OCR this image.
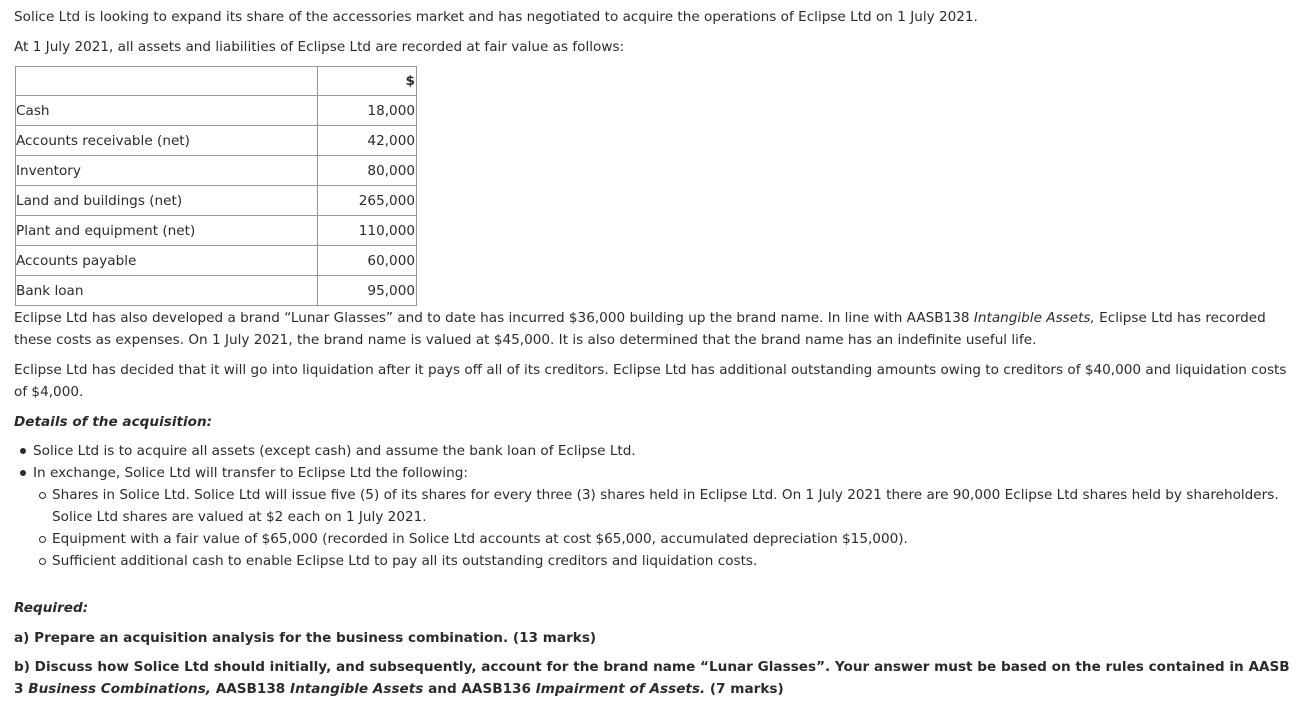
Solice Ltd is looking to expand its share of the accessories market and has negotiated to acquire the operations of Eclipse Ltd on 1 July 2021.

At 1 July 2021, all assets and liabilities of Eclipse Ltd are recorded at fair value as follows:

	$
Cash	18,000
Accounts receivable (net)	42,000
Inventory	80,000
Land and buildings (net)	265,000
Plant and equipment (net)	110,000
Accounts payable	60,000
Bank loan	95,000

Eclipse Ltd has also developed a brand “Lunar Glasses” and to date has incurred $36,000 building up the brand name. In line with AASB138 Intangible Assets, Eclipse Ltd has recorded these costs as expenses. On 1 July 2021, the brand name is valued at $45,000. It is also determined that the brand name has an indefinite useful life.

Eclipse Ltd has decided that it will go into liquidation after it pays off all of its creditors. Eclipse Ltd has additional outstanding amounts owing to creditors of $40,000 and liquidation costs of $4,000.

Details of the acquisition:

Solice Ltd is to acquire all assets (except cash) and assume the bank loan of Eclipse Ltd.
In exchange, Solice Ltd will transfer to Eclipse Ltd the following:
Shares in Solice Ltd. Solice Ltd will issue five (5) of its shares for every three (3) shares held in Eclipse Ltd. On 1 July 2021 there are 90,000 Eclipse Ltd shares held by shareholders. Solice Ltd shares are valued at $2 each on 1 July 2021.
Equipment with a fair value of $65,000 (recorded in Solice Ltd accounts at cost $65,000, accumulated depreciation $15,000).
Sufficient additional cash to enable Eclipse Ltd to pay all its outstanding creditors and liquidation costs.

Required:

a) Prepare an acquisition analysis for the business combination. (13 marks)

b) Discuss how Solice Ltd should initially, and subsequently, account for the brand name “Lunar Glasses”. Your answer must be based on the rules contained in AASB 3 Business Combinations, AASB138 Intangible Assets and AASB136 Impairment of Assets. (7 marks)
